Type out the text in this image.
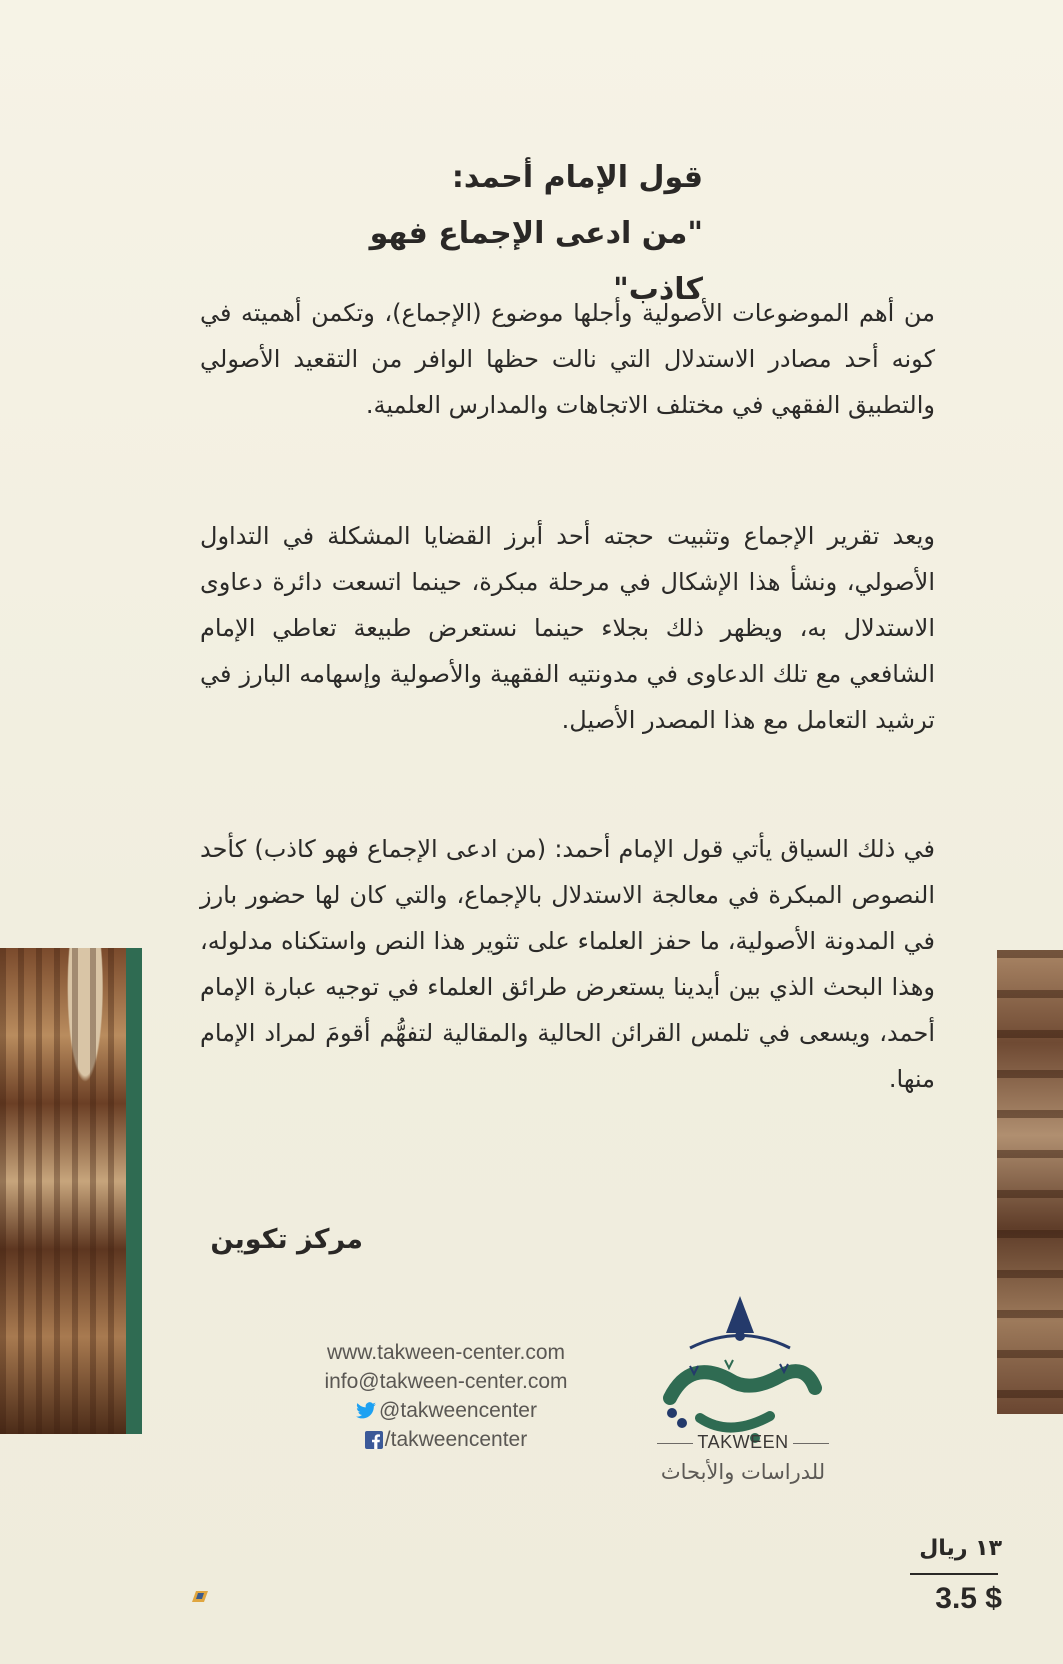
قول الإمام أحمد:
"من ادعى الإجماع فهو كاذب"

من أهم الموضوعات الأصولية وأجلها موضوع (الإجماع)، وتكمن أهميته في كونه أحد مصادر الاستدلال التي نالت حظها الوافر من التقعيد الأصولي والتطبيق الفقهي في مختلف الاتجاهات والمدارس العلمية.

ويعد تقرير الإجماع وتثبيت حجته أحد أبرز القضايا المشكلة في التداول الأصولي، ونشأ هذا الإشكال في مرحلة مبكرة، حينما اتسعت دائرة دعاوى الاستدلال به، ويظهر ذلك بجلاء حينما نستعرض طبيعة تعاطي الإمام الشافعي مع تلك الدعاوى في مدونتيه الفقهية والأصولية وإسهامه البارز في ترشيد التعامل مع هذا المصدر الأصيل.

في ذلك السياق يأتي قول الإمام أحمد: (من ادعى الإجماع فهو كاذب) كأحد النصوص المبكرة في معالجة الاستدلال بالإجماع، والتي كان لها حضور بارز في المدونة الأصولية، ما حفز العلماء على تثوير هذا النص واستكناه مدلوله، وهذا البحث الذي بين أيدينا يستعرض طرائق العلماء في توجيه عبارة الإمام أحمد، ويسعى في تلمس القرائن الحالية والمقالية لتفهُّم أقومَ لمراد الإمام منها.

مركز تكوين
www.takween-center.com
info@takween-center.com
@takweencenter
/takweencenter	TAKWEEN
للدراسات والأبحاث
١٣ ريال
3.5 $
